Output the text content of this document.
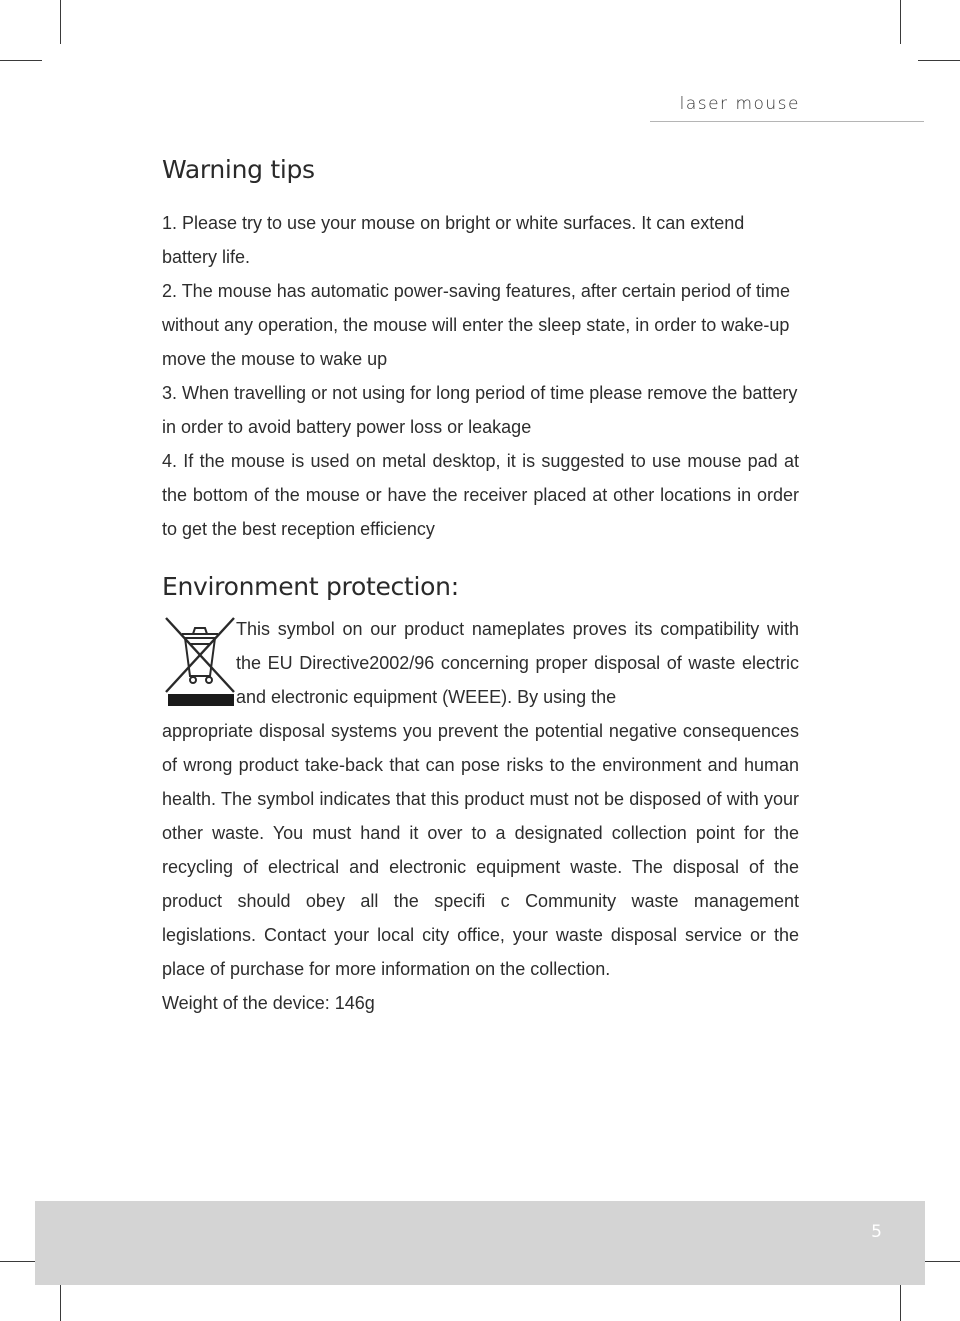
laser mouse
Warning tips

1. Please try to use your mouse on bright or white surfaces. It can extend battery life.

2. The mouse has automatic power-saving features, after certain period of time without any operation, the mouse will enter the sleep state, in order to wake-up move the mouse to wake up

3. When travelling or not using for long period of time please remove the battery in order to avoid battery power loss or leakage

4. If the mouse is used on metal desktop, it is suggested to use mouse pad at the bottom of the mouse or have the receiver placed at other locations in order to get the best reception efficiency

Environment protection:
This symbol on our product nameplates proves its compatibility with the EU Directive2002/96 concerning proper disposal of waste electric and electronic equipment (WEEE). By using the

appropriate disposal systems you prevent the potential negative consequences of wrong product take-back that can pose risks to the environment and human health. The symbol indicates that this product must not be disposed of with your other waste. You must hand it over to a designated collection point for the recycling of electrical and electronic equipment waste. The disposal of the product should obey all the specifi c Community waste management legislations. Contact your local city office, your waste disposal service or the place of purchase for more information on the collection.

Weight of the device: 146g

5
